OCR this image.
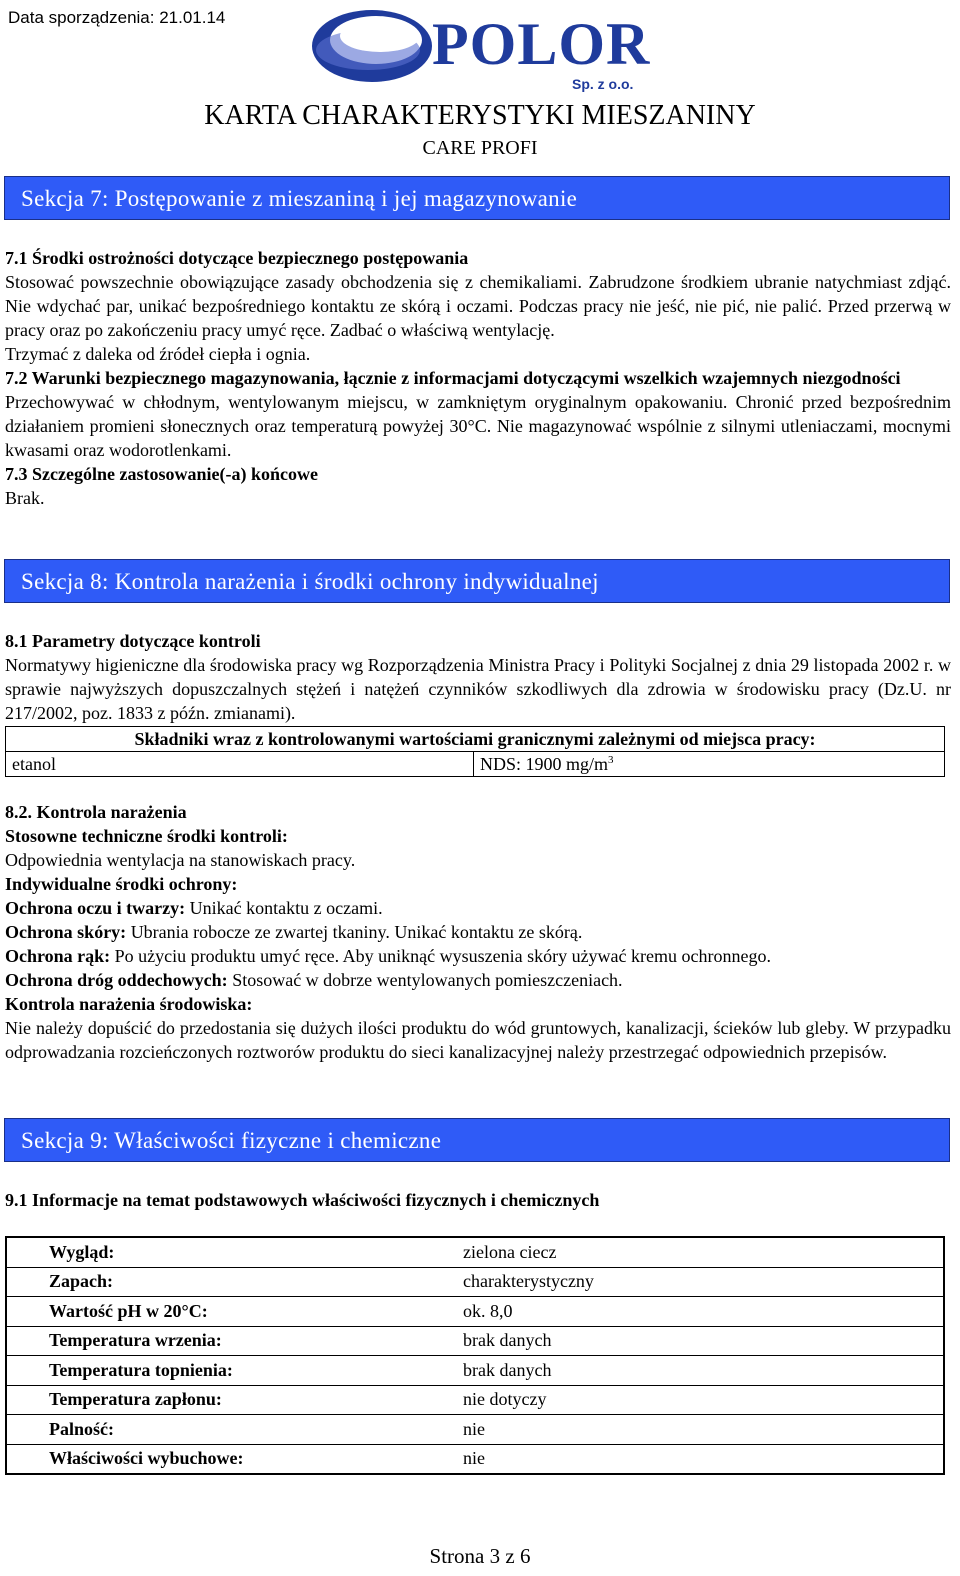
Data sporządzenia: 21.01.14	POLOR
Sp. z o.o.
KARTA CHARAKTERYSTYKI MIESZANINY
CARE PROFI
Sekcja 7: Postępowanie z mieszaniną i jej magazynowanie

7.1 Środki ostrożności dotyczące bezpiecznego postępowania

Stosować powszechnie obowiązujące zasady obchodzenia się z chemikaliami. Zabrudzone środkiem ubranie natychmiast zdjąć. Nie wdychać par, unikać bezpośredniego kontaktu ze skórą i oczami. Podczas pracy nie jeść, nie pić, nie palić. Przed przerwą w pracy oraz po zakończeniu pracy umyć ręce. Zadbać o właściwą wentylację.

Trzymać z daleka od źródeł ciepła i ognia.

7.2 Warunki bezpiecznego magazynowania, łącznie z informacjami dotyczącymi wszelkich wzajemnych niezgodności

Przechowywać w chłodnym, wentylowanym miejscu, w zamkniętym oryginalnym opakowaniu. Chronić przed bezpośrednim działaniem promieni słonecznych oraz temperaturą powyżej 30°C. Nie magazynować wspólnie z silnymi utleniaczami, mocnymi kwasami oraz wodorotlenkami.

7.3 Szczególne zastosowanie(-a) końcowe

Brak.

Sekcja 8: Kontrola narażenia i środki ochrony indywidualnej

8.1 Parametry dotyczące kontroli

Normatywy higieniczne dla środowiska pracy wg Rozporządzenia Ministra Pracy i Polityki Socjalnej z dnia 29 listopada 2002 r. w sprawie najwyższych dopuszczalnych stężeń i natężeń czynników szkodliwych dla zdrowia w środowisku pracy (Dz.U. nr 217/2002, poz. 1833 z późn. zmianami).

Składniki wraz z kontrolowanymi wartościami granicznymi zależnymi od miejsca pracy:
etanol	NDS: 1900 $mg/m^3$

8.2. Kontrola narażenia

Stosowne techniczne środki kontroli:

Odpowiednia wentylacja na stanowiskach pracy.

Indywidualne środki ochrony:

Ochrona oczu i twarzy: Unikać kontaktu z oczami.

Ochrona skóry: Ubrania robocze ze zwartej tkaniny. Unikać kontaktu ze skórą.

Ochrona rąk: Po użyciu produktu umyć ręce. Aby uniknąć wysuszenia skóry używać kremu ochronnego.

Ochrona dróg oddechowych: Stosować w dobrze wentylowanych pomieszczeniach.

Kontrola narażenia środowiska:

Nie należy dopuścić do przedostania się dużych ilości produktu do wód gruntowych, kanalizacji, ścieków lub gleby. W przypadku odprowadzania rozcieńczonych roztworów produktu do sieci kanalizacyjnej należy przestrzegać odpowiednich przepisów.

Sekcja 9: Właściwości fizyczne i chemiczne

9.1 Informacje na temat podstawowych właściwości fizycznych i chemicznych

Wygląd:	zielona ciecz
Zapach:	charakterystyczny
Wartość pH w 20°C:	ok. 8,0
Temperatura wrzenia:	brak danych
Temperatura topnienia:	brak danych
Temperatura zapłonu:	nie dotyczy
Palność:	nie
Właściwości wybuchowe:	nie
Strona 3 z 6
